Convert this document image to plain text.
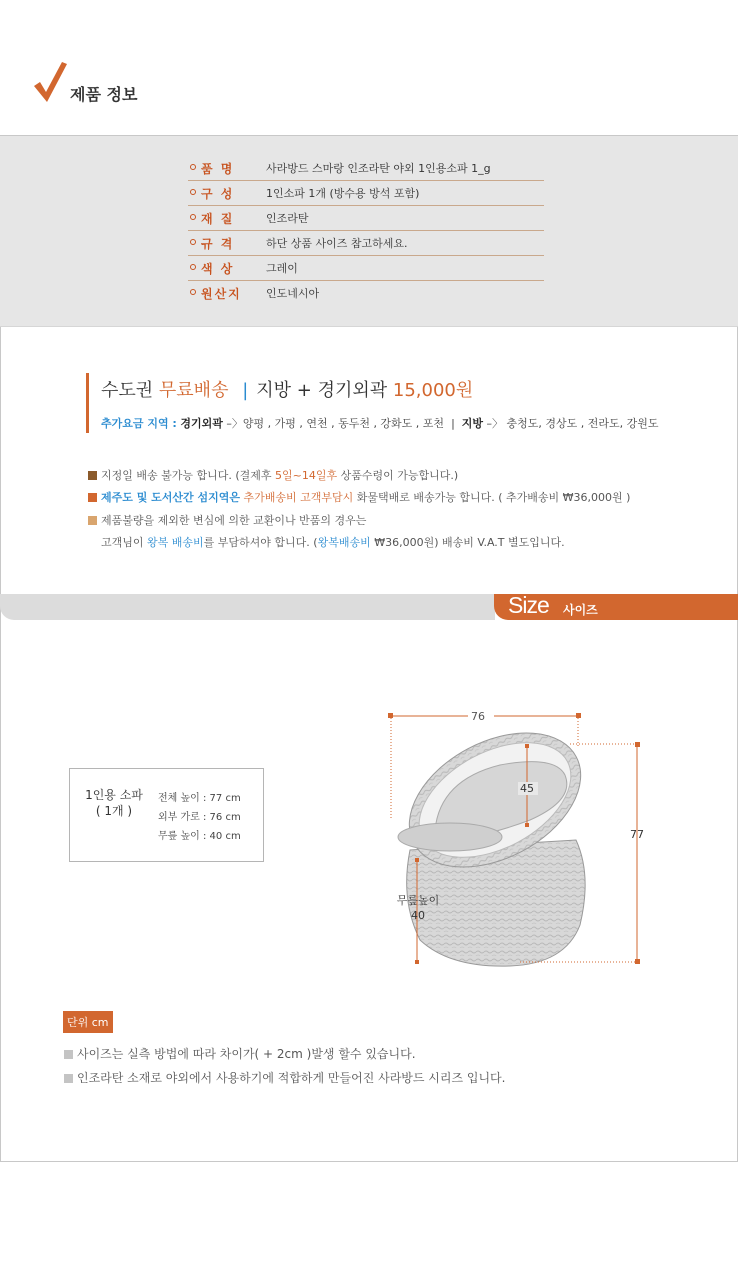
제품 정보
품 명	사라방드 스마랑 인조라탄 야외 1인용소파 1_g
구 성	1인소파 1개 (방수용 방석 포함)
재 질	인조라탄
규 격	하단 상품 사이즈 참고하세요.
색 상	그레이
원산지 인도네시아
수도권 무료배송 | 지방 + 경기외곽 15,000원
추가요금 지역 : 경기외곽 –〉양평 , 가평 , 연천 , 동두천 , 강화도 , 포천 | 지방 –〉 충청도, 경상도 , 전라도, 강원도
지정일 배송 불가능 합니다. (결제후 5일~14일후 상품수령이 가능합니다.)
제주도 및 도서산간 섬지역은 추가배송비 고객부담시 화물택배로 배송가능 합니다. ( 추가배송비 ₩36,000원 )
제품불량을 제외한 변심에 의한 교환이나 반품의 경우는
고객님이 왕복 배송비를 부담하셔야 합니다. (왕복배송비 ₩36,000원) 배송비 V.A.T 별도입니다.
Size 사이즈
1인용 소파
( 1개 )
전체 높이 : 77 cm
외부 가로 : 76 cm
무릎 높이 : 40 cm
76
45
77
무릎높이
40
단위 cm
사이즈는 실측 방법에 따라 차이가( + 2cm )발생 할수 있습니다.
인조라탄 소재로 야외에서 사용하기에 적합하게 만들어진 사라방드 시리즈 입니다.
